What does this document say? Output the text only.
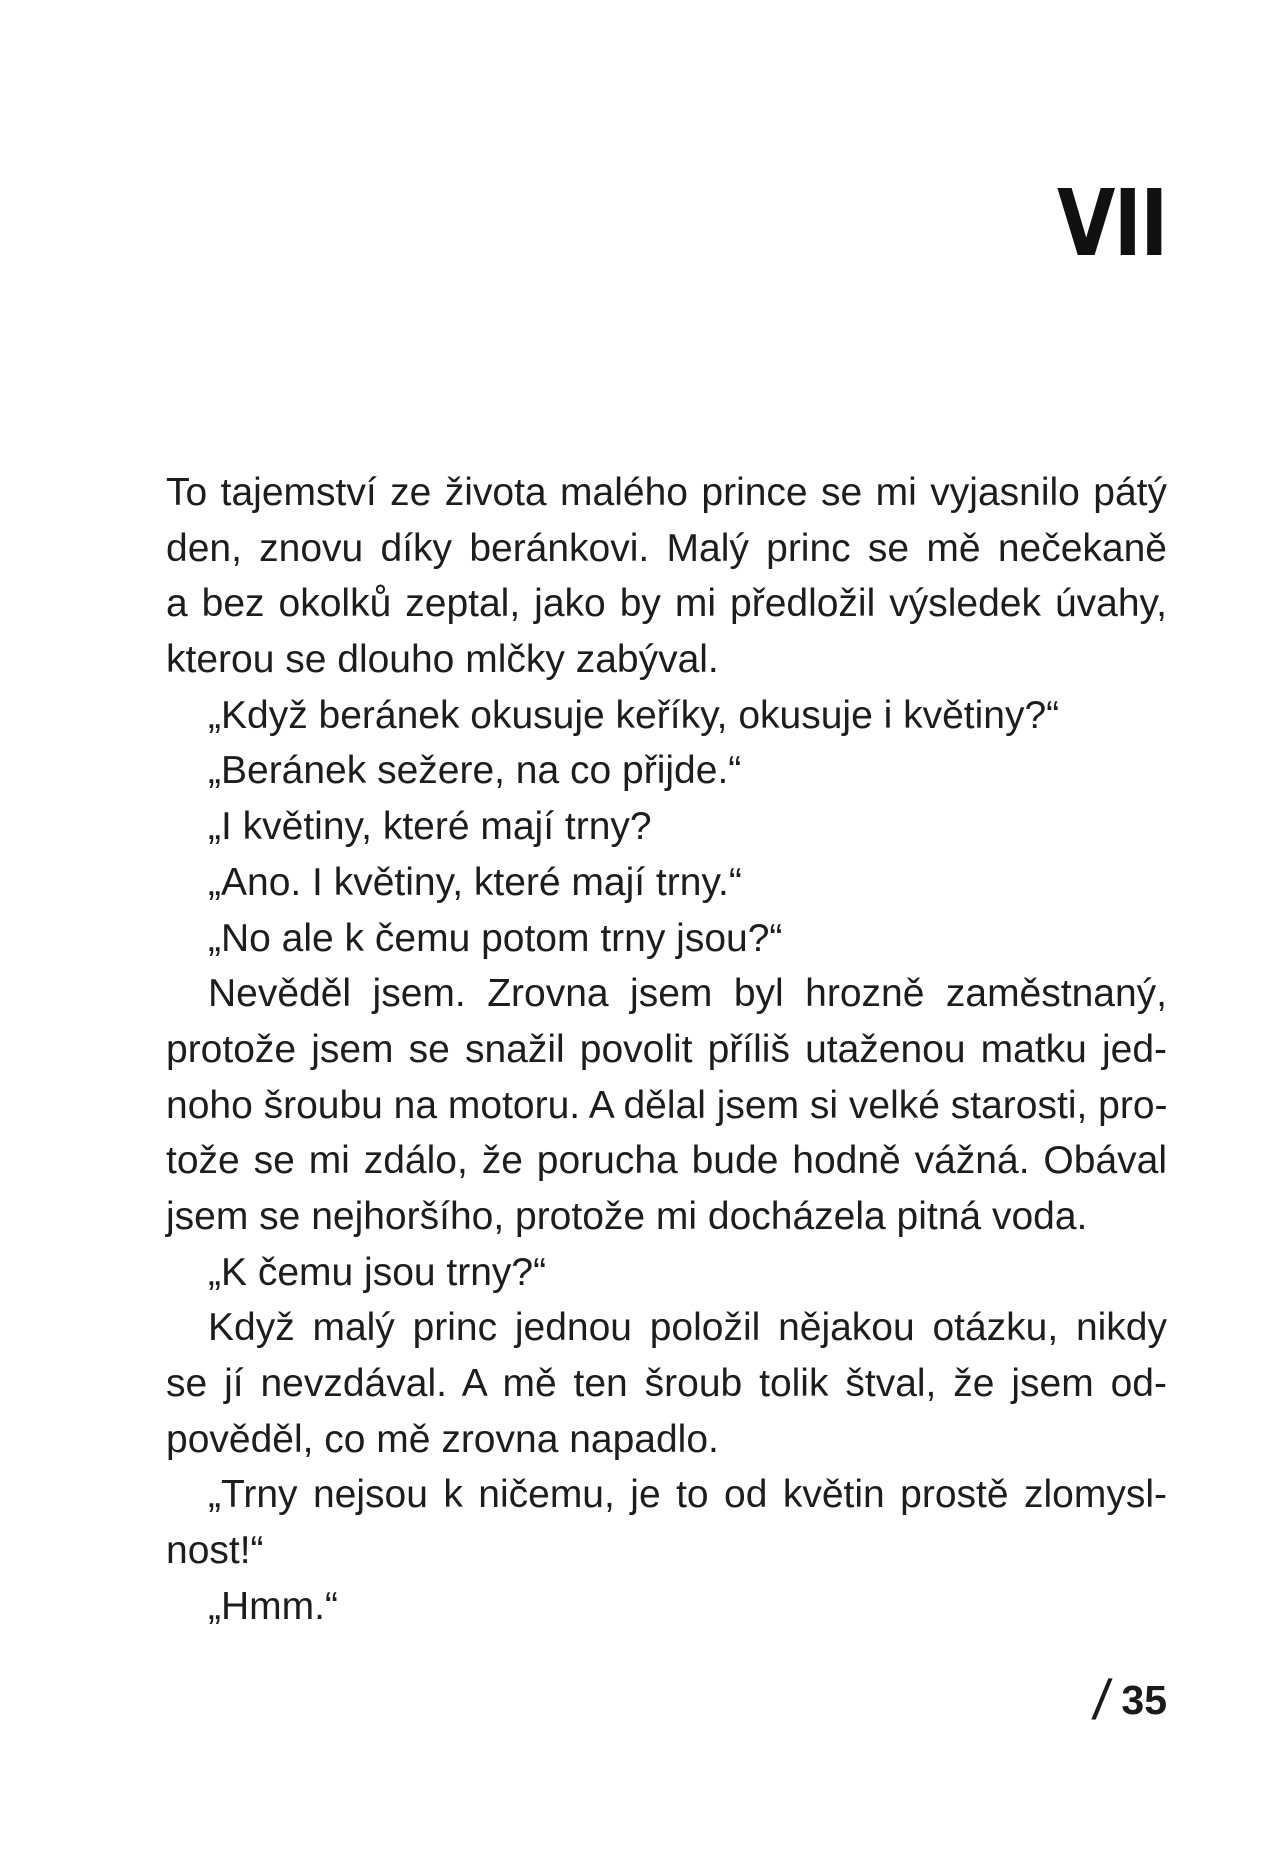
VII
To tajemství ze života malého prince se mi vyjasnilo pátý
den, znovu díky beránkovi. Malý princ se mě nečekaně
a bez okolků zeptal, jako by mi předložil výsledek úvahy,
kterou se dlouho mlčky zabýval.
„Když beránek okusuje keříky, okusuje i květiny?“
„Beránek sežere, na co přijde.“
„I květiny, které mají trny?
„Ano. I květiny, které mají trny.“
„No ale k čemu potom trny jsou?“
Nevěděl jsem. Zrovna jsem byl hrozně zaměstnaný,
protože jsem se snažil povolit příliš utaženou matku jed-
noho šroubu na motoru. A dělal jsem si velké starosti, pro-
tože se mi zdálo, že porucha bude hodně vážná. Obával
jsem se nejhoršího, protože mi docházela pitná voda.
„K čemu jsou trny?“
Když malý princ jednou položil nějakou otázku, nikdy
se jí nevzdával. A mě ten šroub tolik štval, že jsem od-
pověděl, co mě zrovna napadlo.
„Trny nejsou k ničemu, je to od květin prostě zlomysl-
nost!“
„Hmm.“
/ 35
